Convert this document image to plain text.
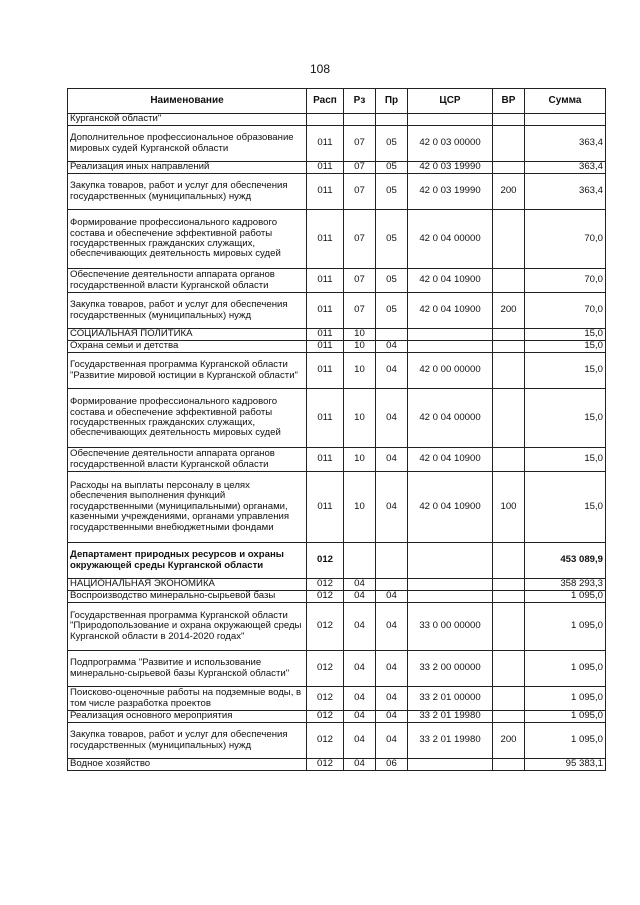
108
Наименование	Расп	Рз	Пр	ЦСР	ВР	Сумма
Курганской области"						
Дополнительное профессиональное образование мировых судей Курганской области	011	07	05	42 0 03 00000		363,4
Реализация иных направлений	011	07	05	42 0 03 19990		363,4
Закупка товаров, работ и услуг для обеспечения государственных (муниципальных) нужд	011	07	05	42 0 03 19990	200	363,4
Формирование профессионального кадрового состава и обеспечение эффективной работы государственных гражданских служащих, обеспечивающих деятельность мировых судей	011	07	05	42 0 04 00000		70,0
Обеспечение деятельности аппарата органов государственной власти Курганской области	011	07	05	42 0 04 10900		70,0
Закупка товаров, работ и услуг для обеспечения государственных (муниципальных) нужд	011	07	05	42 0 04 10900	200	70,0
СОЦИАЛЬНАЯ ПОЛИТИКА	011	10				15,0
Охрана семьи и детства	011	10	04			15,0
Государственная программа Курганской области "Развитие мировой юстиции в Курганской области"	011	10	04	42 0 00 00000		15,0
Формирование профессионального кадрового состава и обеспечение эффективной работы государственных гражданских служащих, обеспечивающих деятельность мировых судей	011	10	04	42 0 04 00000		15,0
Обеспечение деятельности аппарата органов государственной власти Курганской области	011	10	04	42 0 04 10900		15,0
Расходы на выплаты персоналу в целях обеспечения выполнения функций государственными (муниципальными) органами, казенными учреждениями, органами управления государственными внебюджетными фондами	011	10	04	42 0 04 10900	100	15,0
Департамент природных ресурсов и охраны окружающей среды Курганской области	012					453 089,9
НАЦИОНАЛЬНАЯ ЭКОНОМИКА	012	04				358 293,3
Воспроизводство минерально-сырьевой базы	012	04	04			1 095,0
Государственная программа Курганской области "Природопользование и охрана окружающей среды Курганской области в 2014-2020 годах"	012	04	04	33 0 00 00000		1 095,0
Подпрограмма "Развитие и использование минерально-сырьевой базы Курганской области"	012	04	04	33 2 00 00000		1 095,0
Поисково-оценочные работы на подземные воды, в том числе разработка проектов	012	04	04	33 2 01 00000		1 095,0
Реализация основного мероприятия	012	04	04	33 2 01 19980		1 095,0
Закупка товаров, работ и услуг для обеспечения государственных (муниципальных) нужд	012	04	04	33 2 01 19980	200	1 095,0
Водное хозяйство	012	04	06			95 383,1
